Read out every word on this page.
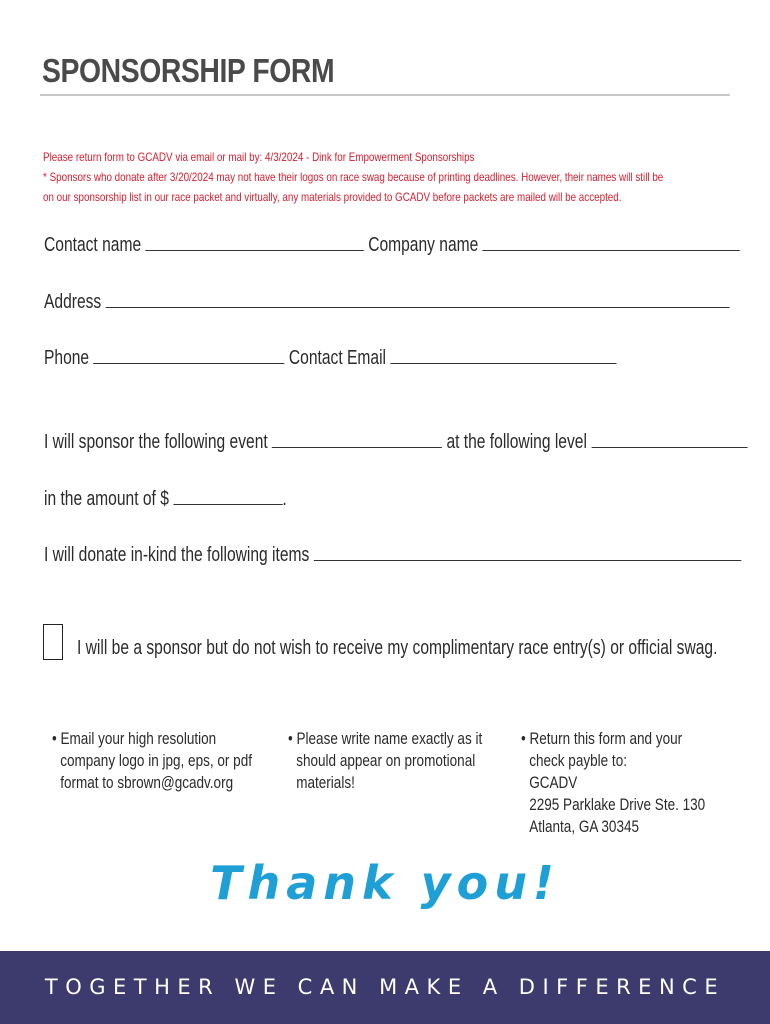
SPONSORSHIP FORM
Please return form to GCADV via email or mail by: 4/3/2024 - Dink for Empowerment Sponsorships
* Sponsors who donate after 3/20/2024 may not have their logos on race swag because of printing deadlines. However, their names will still be
on our sponsorship list in our race packet and virtually, any materials provided to GCADV before packets are mailed will be accepted.
Contact name	Company name
Address
Phone	Contact Email
I will sponsor the following event	at the following level
in the amount of $	.
I will donate in-kind the following items
I will be a sponsor but do not wish to receive my complimentary race entry(s) or official swag.
• Email your high resolution
company logo in jpg, eps, or pdf
format to sbrown@gcadv.org
• Please write name exactly as it
should appear on promotional
materials!
• Return this form and your
check payble to:
GCADV
2295 Parklake Drive Ste. 130
Atlanta, GA 30345
Thank you!
TOGETHER WE CAN MAKE A DIFFERENCE
